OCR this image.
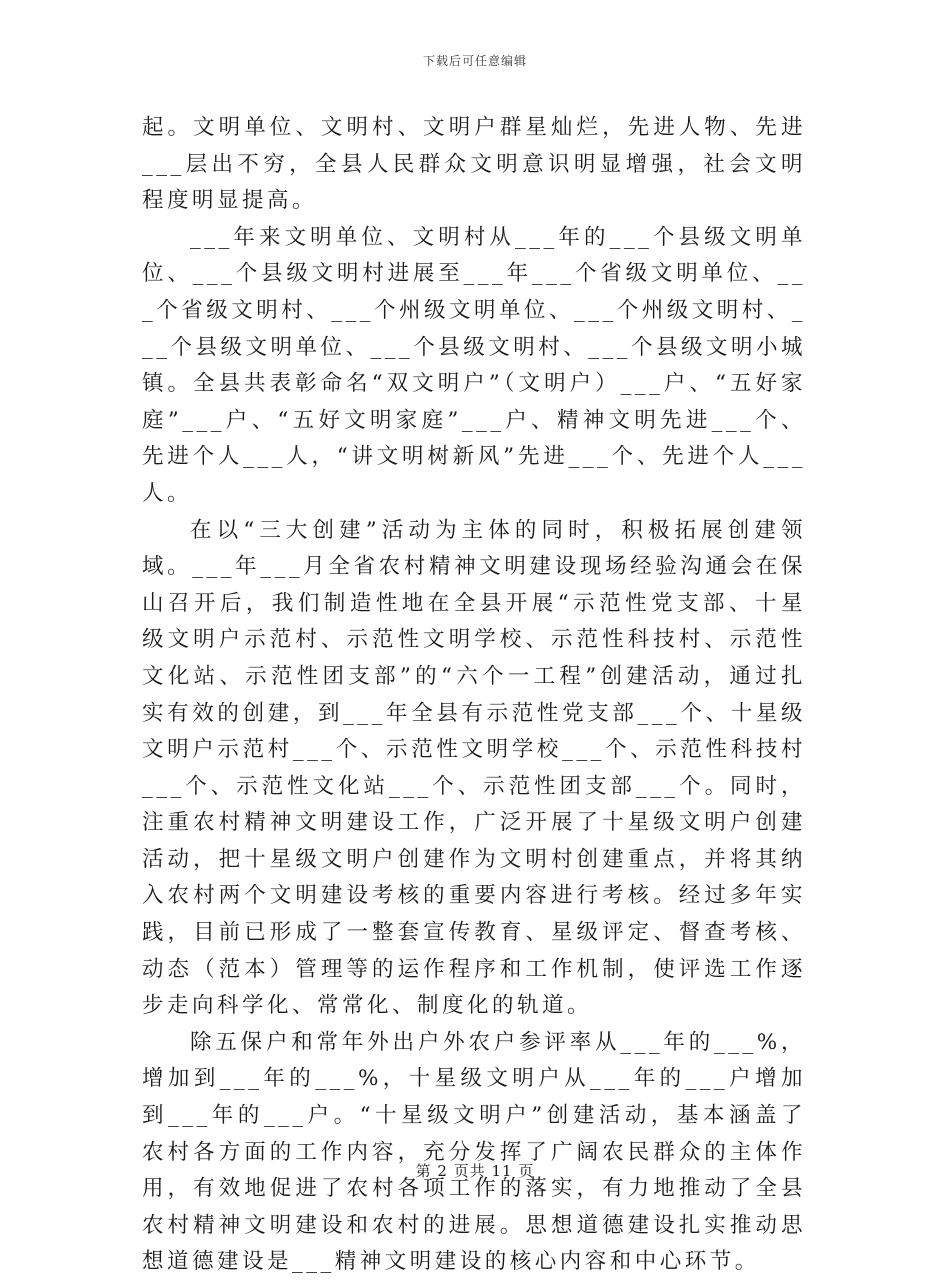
下载后可任意编辑

起。文明单位、文明村、文明户群星灿烂，先进人物、先进___层出不穷，全县人民群众文明意识明显增强，社会文明程度明显提高。

___年来文明单位、文明村从___年的___个县级文明单位、___个县级文明村进展至___年___个省级文明单位、___个省级文明村、___个州级文明单位、___个州级文明村、___个县级文明单位、___个县级文明村、___个县级文明小城镇。全县共表彰命名“双文明户”（文明户）___户、“五好家庭”___户、“五好文明家庭”___户、精神文明先进___个、先进个人___人，“讲文明树新风”先进___个、先进个人___人。

在以“三大创建”活动为主体的同时，积极拓展创建领域。___年___月全省农村精神文明建设现场经验沟通会在保山召开后，我们制造性地在全县开展“示范性党支部、十星级文明户示范村、示范性文明学校、示范性科技村、示范性文化站、示范性团支部”的“六个一工程”创建活动，通过扎实有效的创建，到___年全县有示范性党支部___个、十星级文明户示范村___个、示范性文明学校___个、示范性科技村___个、示范性文化站___个、示范性团支部___个。同时，注重农村精神文明建设工作，广泛开展了十星级文明户创建活动，把十星级文明户创建作为文明村创建重点，并将其纳入农村两个文明建设考核的重要内容进行考核。经过多年实践，目前已形成了一整套宣传教育、星级评定、督查考核、动态（范本）管理等的运作程序和工作机制，使评选工作逐步走向科学化、常常化、制度化的轨道。

除五保户和常年外出户外农户参评率从___年的___%，增加到___年的___%，十星级文明户从___年的___户增加到___年的___户。“十星级文明户”创建活动，基本涵盖了农村各方面的工作内容，充分发挥了广阔农民群众的主体作用，有效地促进了农村各项工作的落实，有力地推动了全县农村精神文明建设和农村的进展。思想道德建设扎实推动思想道德建设是___精神文明建设的核心内容和中心环节。

第 2 页共 11 页
